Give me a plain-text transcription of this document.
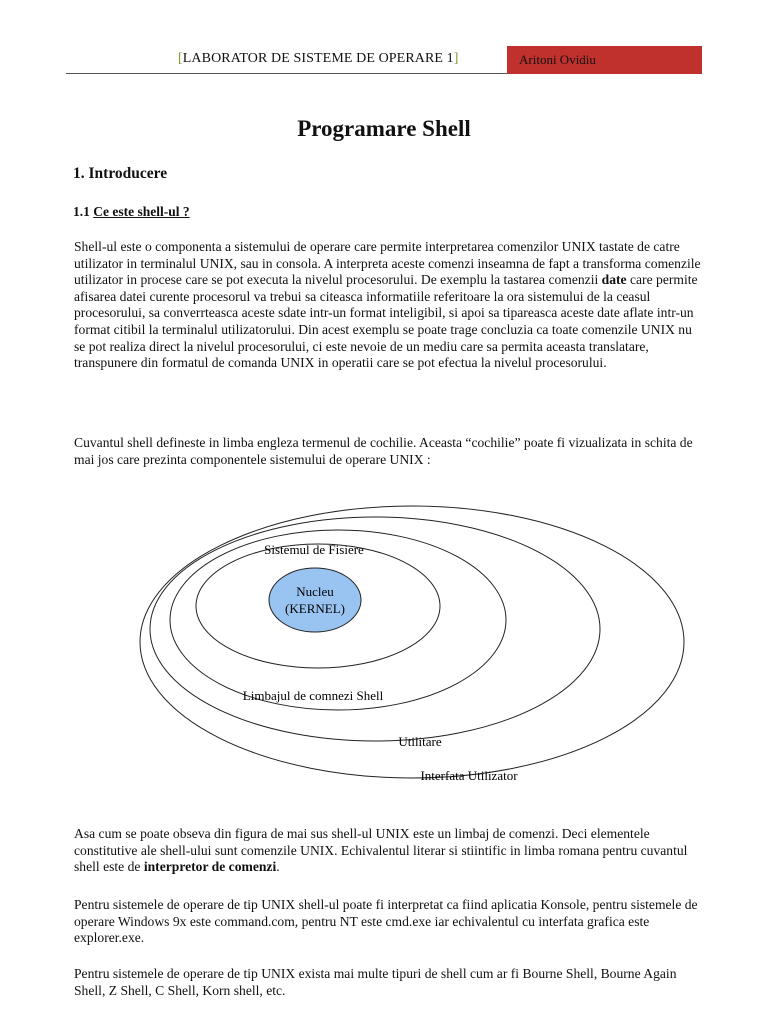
[LABORATOR DE SISTEME DE OPERARE 1]	Aritoni Ovidiu
Programare Shell
1. Introducere
1.1 Ce este shell-ul ?
Shell-ul este o componenta a sistemului de operare care permite interpretarea comenzilor UNIX tastate de catre utilizator in terminalul UNIX, sau in consola. A interpreta aceste comenzi inseamna de fapt a transforma comenzile utilizator in procese care se pot executa la nivelul procesorului. De exemplu la tastarea comenzii date care permite afisarea datei curente procesorul va trebui sa citeasca informatiile referitoare la ora sistemului de la ceasul procesorului, sa converrteasca aceste sdate intr-un format inteligibil, si apoi sa tipareasca aceste date aflate intr-un format citibil la terminalul utilizatorului. Din acest exemplu se poate trage concluzia ca toate comenzile UNIX nu se pot realiza direct la nivelul procesorului, ci este nevoie de un mediu care sa permita aceasta translatare, transpunere din formatul de comanda UNIX in operatii care se pot efectua la nivelul procesorului.
Cuvantul shell defineste in limba engleza termenul de cochilie. Aceasta “cochilie” poate fi vizualizata in schita de mai jos care prezinta componentele sistemului de operare UNIX :
Nucleu
(KERNEL)
Sistemul de Fisiere
Limbajul de comnezi Shell
Utilitare
Interfata Utilizator
Asa cum se poate obseva din figura de mai sus shell-ul UNIX este un limbaj de comenzi. Deci elementele constitutive ale shell-ului sunt comenzile UNIX. Echivalentul literar si stiintific in limba romana pentru cuvantul shell este de interpretor de comenzi.
Pentru sistemele de operare de tip UNIX shell-ul poate fi interpretat ca fiind aplicatia Konsole, pentru sistemele de operare Windows 9x este command.com, pentru NT este cmd.exe iar echivalentul cu interfata grafica este explorer.exe.
Pentru sistemele de operare de tip UNIX exista mai multe tipuri de shell cum ar fi Bourne Shell, Bourne Again Shell, Z Shell, C Shell, Korn shell, etc.
